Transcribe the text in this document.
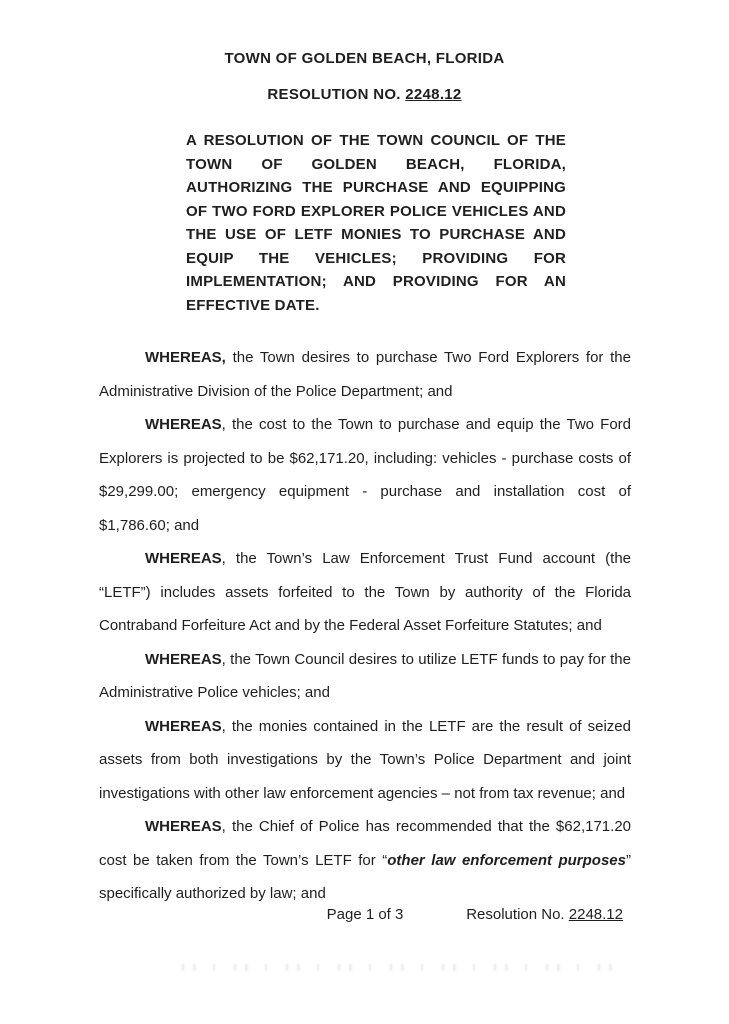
TOWN OF GOLDEN BEACH, FLORIDA
RESOLUTION NO. 2248.12

A RESOLUTION OF THE TOWN COUNCIL OF THE TOWN OF GOLDEN BEACH, FLORIDA, AUTHORIZING THE PURCHASE AND EQUIPPING OF TWO FORD EXPLORER POLICE VEHICLES AND THE USE OF LETF MONIES TO PURCHASE AND EQUIP THE VEHICLES; PROVIDING FOR IMPLEMENTATION; AND PROVIDING FOR AN EFFECTIVE DATE.

WHEREAS, the Town desires to purchase Two Ford Explorers for the Administrative Division of the Police Department; and

WHEREAS, the cost to the Town to purchase and equip the Two Ford Explorers is projected to be $62,171.20, including: vehicles - purchase costs of $29,299.00; emergency equipment - purchase and installation cost of $1,786.60; and

WHEREAS, the Town’s Law Enforcement Trust Fund account (the “LETF”) includes assets forfeited to the Town by authority of the Florida Contraband Forfeiture Act and by the Federal Asset Forfeiture Statutes; and

WHEREAS, the Town Council desires to utilize LETF funds to pay for the Administrative Police vehicles; and

WHEREAS, the monies contained in the LETF are the result of seized assets from both investigations by the Town’s Police Department and joint investigations with other law enforcement agencies – not from tax revenue; and

WHEREAS, the Chief of Police has recommended that the $62,171.20 cost be taken from the Town’s LETF for “other law enforcement purposes” specifically authorized by law; and

Page 1 of 3	Resolution No. 2248.12
